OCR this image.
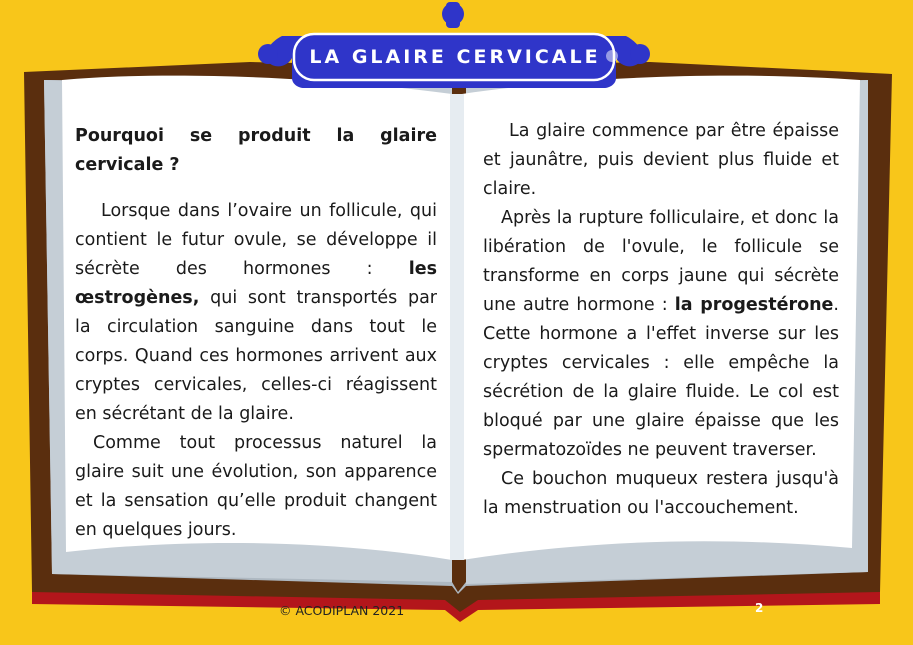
LA GLAIRE CERVICALE

Pourquoi se produit la glaire cervicale ?

Lorsque dans l’ovaire un follicule, qui contient le futur ovule, se développe il sécrète des hormones : les œstrogènes, qui sont transportés par la circulation sanguine dans tout le corps. Quand ces hormones arrivent aux cryptes cervicales, celles-ci réagissent en sécrétant de la glaire.

Comme tout processus naturel la glaire suit une évolution, son apparence et la sensation qu’elle produit changent en quelques jours.

La glaire commence par être épaisse et jaunâtre, puis devient plus fluide et claire.

Après la rupture folliculaire, et donc la libération de l'ovule, le follicule se transforme en corps jaune qui sécrète une autre hormone : la progestérone. Cette hormone a l'effet inverse sur les cryptes cervicales : elle empêche la sécrétion de la glaire fluide. Le col est bloqué par une glaire épaisse que les spermatozoïdes ne peuvent traverser.

Ce bouchon muqueux restera jusqu'à la menstruation ou l'accouchement.

© ACODIPLAN 2021	2
